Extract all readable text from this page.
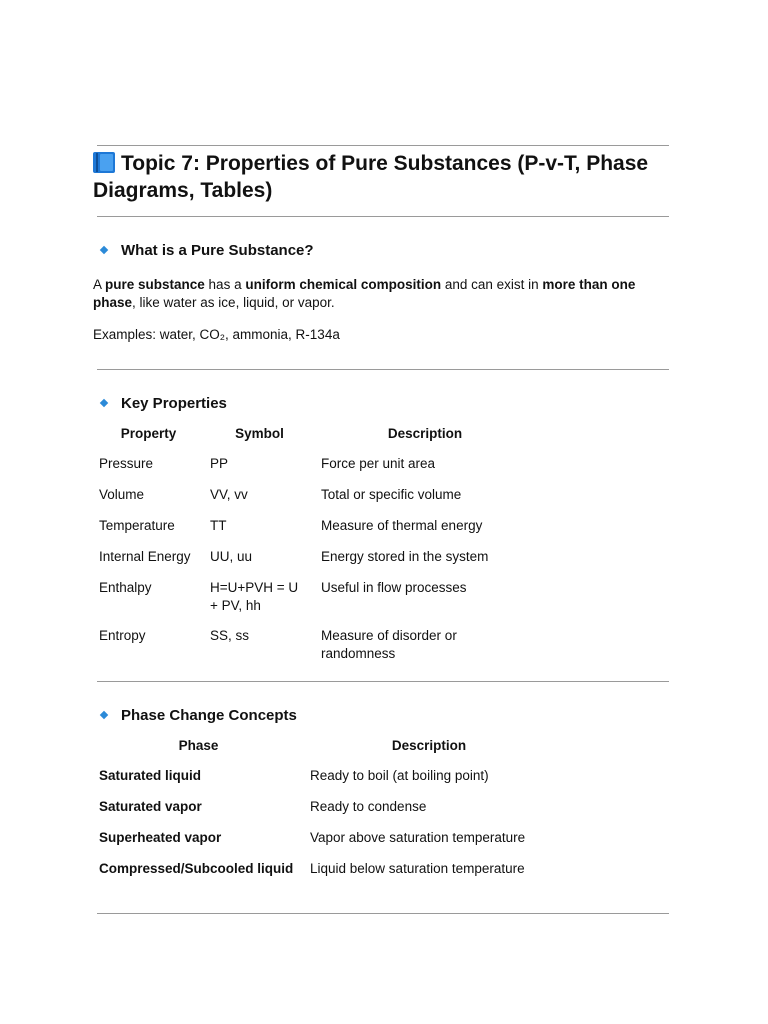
Topic 7: Properties of Pure Substances (P-v-T, Phase Diagrams, Tables)
What is a Pure Substance?

A pure substance has a uniform chemical composition and can exist in more than one phase, like water as ice, liquid, or vapor.

Examples: water, CO₂, ammonia, R-134a

Key Properties
Property	Symbol	Description
Pressure	PP	Force per unit area
Volume	VV, vv	Total or specific volume
Temperature	TT	Measure of thermal energy
Internal Energy	UU, uu	Energy stored in the system
Enthalpy	H=U+PVH = U + PV, hh	Useful in flow processes
Entropy	SS, ss	Measure of disorder or randomness
Phase Change Concepts
Phase	Description
Saturated liquid	Ready to boil (at boiling point)
Saturated vapor	Ready to condense
Superheated vapor	Vapor above saturation temperature
Compressed/Subcooled liquid	Liquid below saturation temperature
